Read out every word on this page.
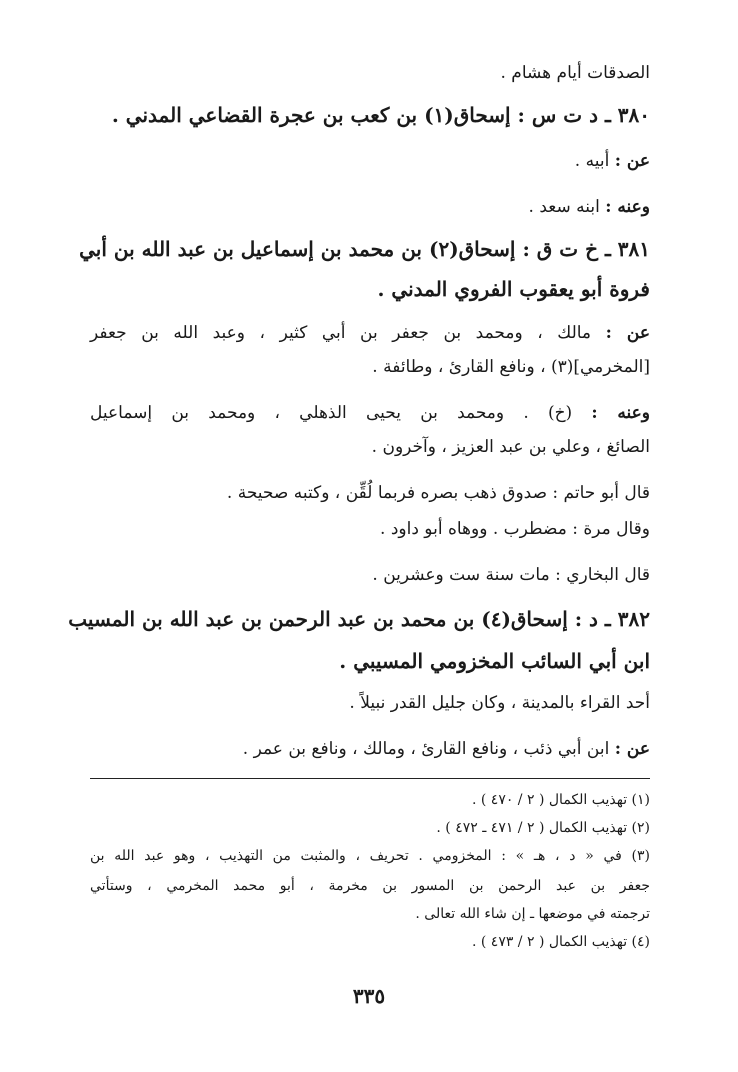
الصدقات أيام هشام .
٣٨٠ ـ د ت س : إسحاق(١) بن كعب بن عجرة القضاعي المدني .
عن : أبيه .
وعنه : ابنه سعد .
٣٨١ ـ خ ت ق : إسحاق(٢) بن محمد بن إسماعيل بن عبد الله بن أبي
فروة أبو يعقوب الفروي المدني .
عن : مالك ، ومحمد بن جعفر بن أبي كثير ، وعبد الله بن جعفر
[المخرمي](٣) ، ونافع القارئ ، وطائفة .
وعنه : (خ) . ومحمد بن يحيى الذهلي ، ومحمد بن إسماعيل
الصائغ ، وعلي بن عبد العزيز ، وآخرون .
قال أبو حاتم : صدوق ذهب بصره فربما لُقِّن ، وكتبه صحيحة .
وقال مرة : مضطرب . ووهاه أبو داود .
قال البخاري : مات سنة ست وعشرين .
٣٨٢ ـ د : إسحاق(٤) بن محمد بن عبد الرحمن بن عبد الله بن المسيب
ابن أبي السائب المخزومي المسيبي .
أحد القراء بالمدينة ، وكان جليل القدر نبيلاً .
عن : ابن أبي ذئب ، ونافع القارئ ، ومالك ، ونافع بن عمر .
(١) تهذيب الكمال ( ٢ / ٤٧٠ ) .
(٢) تهذيب الكمال ( ٢ / ٤٧١ ـ ٤٧٢ ) .
(٣) في « د ، هـ » : المخزومي . تحريف ، والمثبت من التهذيب ، وهو عبد الله بن
جعفر بن عبد الرحمن بن المسور بن مخرمة ، أبو محمد المخرمي ، وستأتي
ترجمته في موضعها ـ إن شاء الله تعالى .
(٤) تهذيب الكمال ( ٢ / ٤٧٣ ) .
٣٣٥
